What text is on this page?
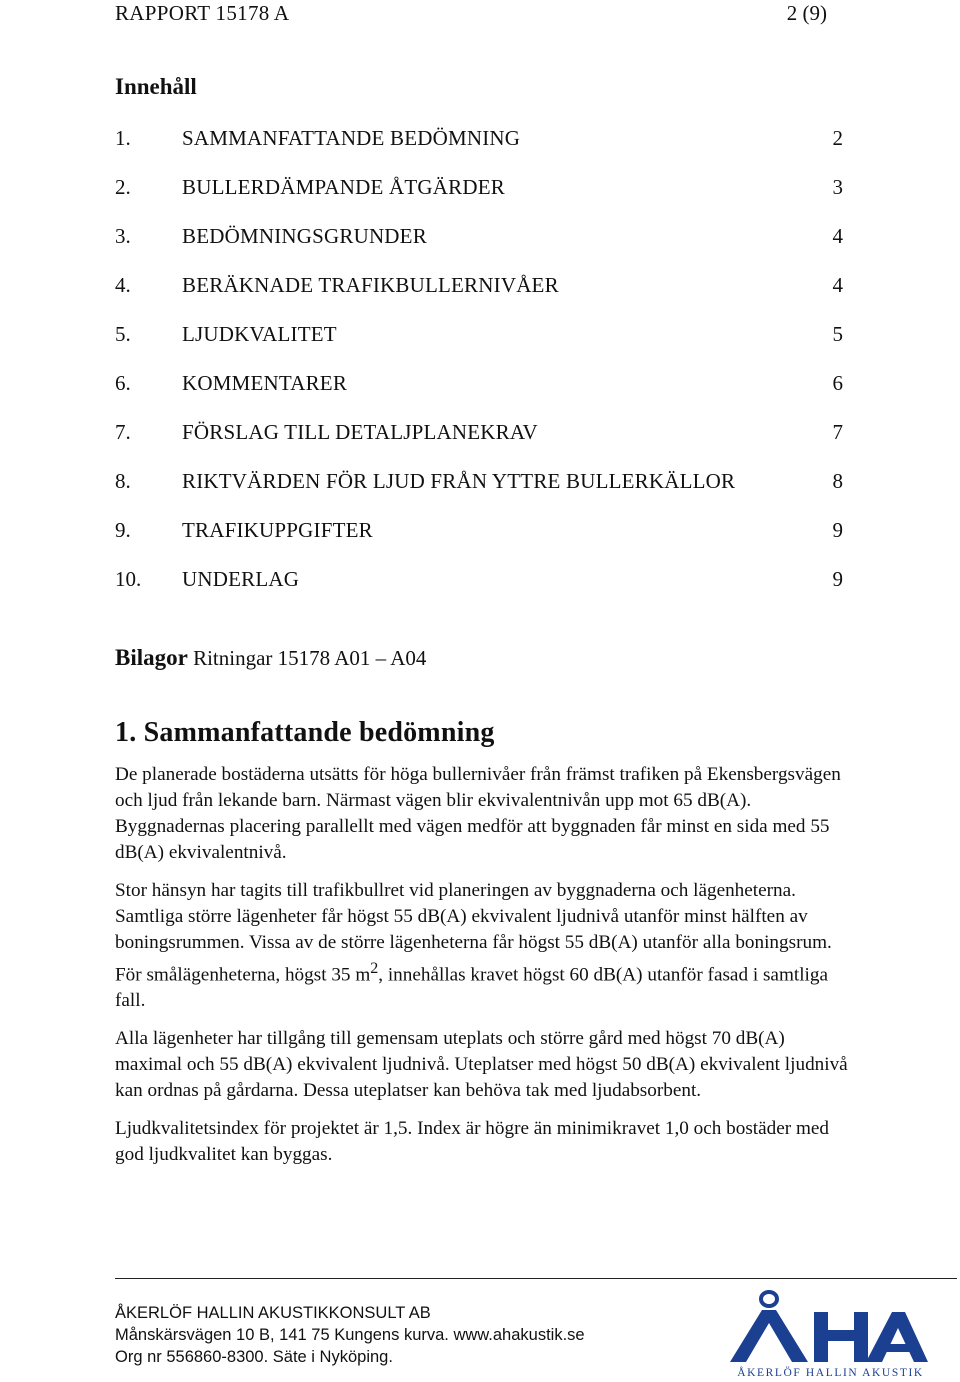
RAPPORT 15178 A	2 (9)
Innehåll
1. SAMMANFATTANDE BEDÖMNING	2
2. BULLERDÄMPANDE ÅTGÄRDER	3
3. BEDÖMNINGSGRUNDER	4
4. BERÄKNADE TRAFIKBULLERNIVÅER	4
5. LJUDKVALITET	5
6. KOMMENTARER	6
7. FÖRSLAG TILL DETALJPLANEKRAV	7
8. RIKTVÄRDEN FÖR LJUD FRÅN YTTRE BULLERKÄLLOR	8
9. TRAFIKUPPGIFTER	9
10. UNDERLAG	9
Bilagor Ritningar 15178 A01 – A04
1. Sammanfattande bedömning

De planerade bostäderna utsätts för höga bullernivåer från främst trafiken på Ekensbergsvägen och ljud från lekande barn. Närmast vägen blir ekvivalentnivån upp mot 65 dB(A). Byggnadernas placering parallellt med vägen medför att byggnaden får minst en sida med 55 dB(A) ekvivalentnivå.

Stor hänsyn har tagits till trafikbullret vid planeringen av byggnaderna och lägenheterna. Samtliga större lägenheter får högst 55 dB(A) ekvivalent ljudnivå utanför minst hälften av boningsrummen. Vissa av de större lägenheterna får högst 55 dB(A) utanför alla boningsrum. För smålägenheterna, högst 35 $m^2$, innehållas kravet högst 60 dB(A) utanför fasad i samtliga fall.

Alla lägenheter har tillgång till gemensam uteplats och större gård med högst 70 dB(A) maximal och 55 dB(A) ekvivalent ljudnivå. Uteplatser med högst 50 dB(A) ekvivalent ljudnivå kan ordnas på gårdarna. Dessa uteplatser kan behöva tak med ljudabsorbent.

Ljudkvalitetsindex för projektet är 1,5. Index är högre än minimikravet 1,0 och bostäder med god ljudkvalitet kan byggas.

ÅKERLÖF HALLIN AKUSTIKKONSULT AB
Månskärsvägen 10 B, 141 75 Kungens kurva. www.ahakustik.se
Org nr 556860-8300. Säte i Nyköping.
ÅKERLÖF HALLIN AKUSTIK
